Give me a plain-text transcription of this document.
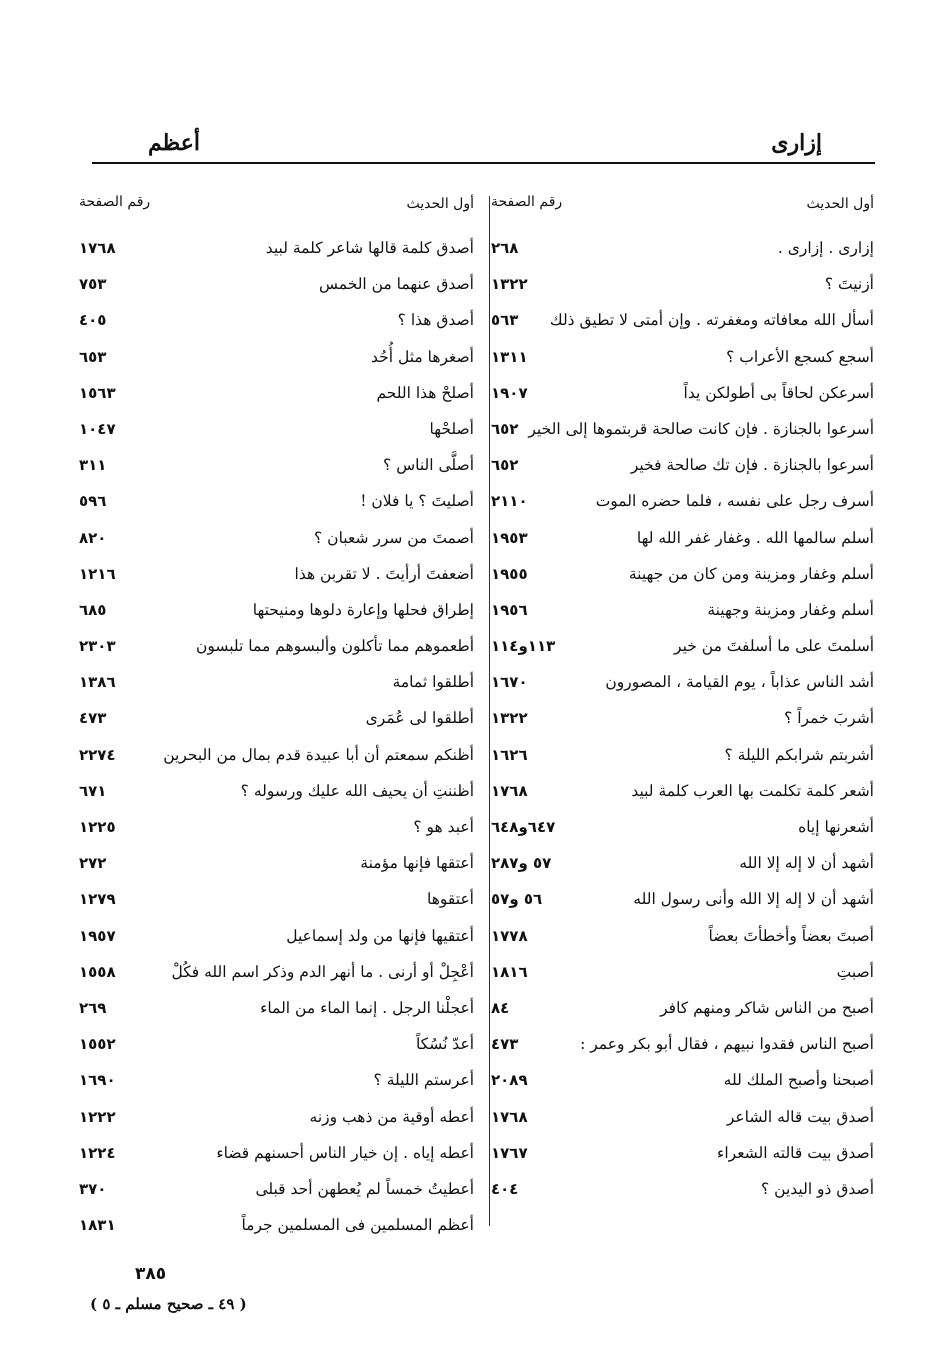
إزارى
أعظم
أول الحديث
رقم الصفحة
إزارى . إزارى .
٢٦٨
أزنيتَ ؟
١٣٢٢
أسأل الله معافاته ومغفرته . وإن أمتى لا تطيق ذلك
٥٦٣
أسجع كسجع الأعراب ؟
١٣١١
أسرعكن لحاقاً بى أطولكن يداً
١٩٠٧
أسرعوا بالجنازة . فإن كانت صالحة قربتموها إلى الخير
٦٥٢
أسرعوا بالجنازة . فإن تك صالحة فخير
٦٥٢
أسرف رجل على نفسه ، فلما حضره الموت
٢١١٠
أسلم سالمها الله . وغفار غفر الله لها
١٩٥٣
أسلم وغفار ومزينة ومن كان من جهينة
١٩٥٥
أسلم وغفار ومزينة وجهينة
١٩٥٦
أسلمتَ على ما أسلفتَ من خير
١١٣و١١٤
أشد الناس عذاباً ، يوم القيامة ، المصورون
١٦٧٠
أشربَ خمراً ؟
١٣٢٢
أشربتم شرابكم الليلة ؟
١٦٢٦
أشعر كلمة تكلمت بها العرب كلمة لبيد
١٧٦٨
أشعرنها إياه
٦٤٧و٦٤٨
أشهد أن لا إله إلا الله
٥٧ و٢٨٧
أشهد أن لا إله إلا الله وأنى رسول الله
٥٦ و٥٧
أصبتَ بعضاً وأخطأتَ بعضاً
١٧٧٨
أصبتِ
١٨١٦
أصبح من الناس شاكر ومنهم كافر
٨٤
أصبح الناس فقدوا نبيهم ، فقال أبو بكر وعمر :
٤٧٣
أصبحنا وأصبح الملك لله
٢٠٨٩
أصدق بيت قاله الشاعر
١٧٦٨
أصدق بيت قالته الشعراء
١٧٦٧
أصدق ذو اليدين ؟
٤٠٤
أول الحديث
رقم الصفحة
أصدق كلمة قالها شاعر كلمة لبيد
١٧٦٨
أصدق عنهما من الخمس
٧٥٣
أصدق هذا ؟
٤٠٥
أصغرها مثل أُحُد
٦٥٣
أصلحْ هذا اللحم
١٥٦٣
أصلحْها
١٠٤٧
أصلَّى الناس ؟
٣١١
أصليتَ ؟ يا فلان !
٥٩٦
أصمتَ من سرر شعبان ؟
٨٢٠
أضعفتَ أرأيتَ . لا تقربن هذا
١٢١٦
إطراق فحلها وإعارة دلوها ومنيحتها
٦٨٥
أطعموهم مما تأكلون وألبسوهم مما تلبسون
٢٣٠٣
أطلقوا ثمامة
١٣٨٦
أطلقوا لى عُمَرى
٤٧٣
أظنكم سمعتم أن أبا عبيدة قدم بمال من البحرين
٢٢٧٤
أظننتِ أن يحيف الله عليك ورسوله ؟
٦٧١
أعبد هو ؟
١٢٢٥
أعتقها فإنها مؤمنة
٢٧٢
أعتقوها
١٢٧٩
أعتقيها فإنها من ولد إسماعيل
١٩٥٧
أعْجِلْ أو أرنى . ما أنهر الدم وذكر اسم الله فكُلْ
١٥٥٨
أعجلْنا الرجل . إنما الماء من الماء
٢٦٩
أعدّ نُسُكاً
١٥٥٢
أعرستم الليلة ؟
١٦٩٠
أعطه أوقية من ذهب وزنه
١٢٢٢
أعطه إياه . إن خيار الناس أحسنهم قضاء
١٢٢٤
أعطيتُ خمساً لم يُعطهن أحد قبلى
٣٧٠
أعظم المسلمين فى المسلمين جرماً
١٨٣١
٣٨٥
( ٤٩ ـ صحيح مسلم ـ ٥ )
